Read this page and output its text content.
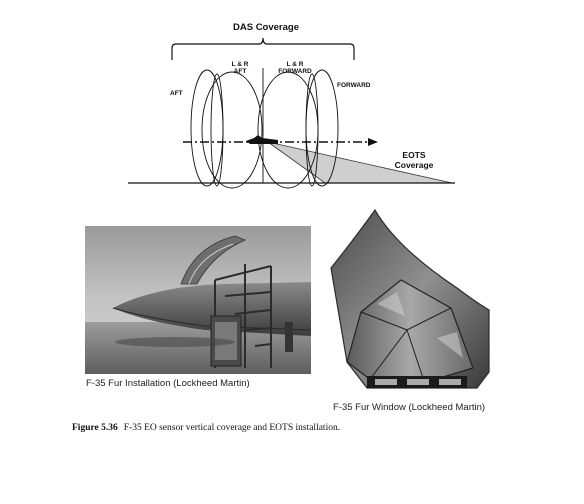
DAS Coverage
AFT
L & R
AFT
L & R
FORWARD
FORWARD
EOTS
Coverage
F-35 Fur Installation (Lockheed Martin)
F-35 Fur Window (Lockheed Martin)
Figure 5.36 F-35 EO sensor vertical coverage and EOTS installation.
